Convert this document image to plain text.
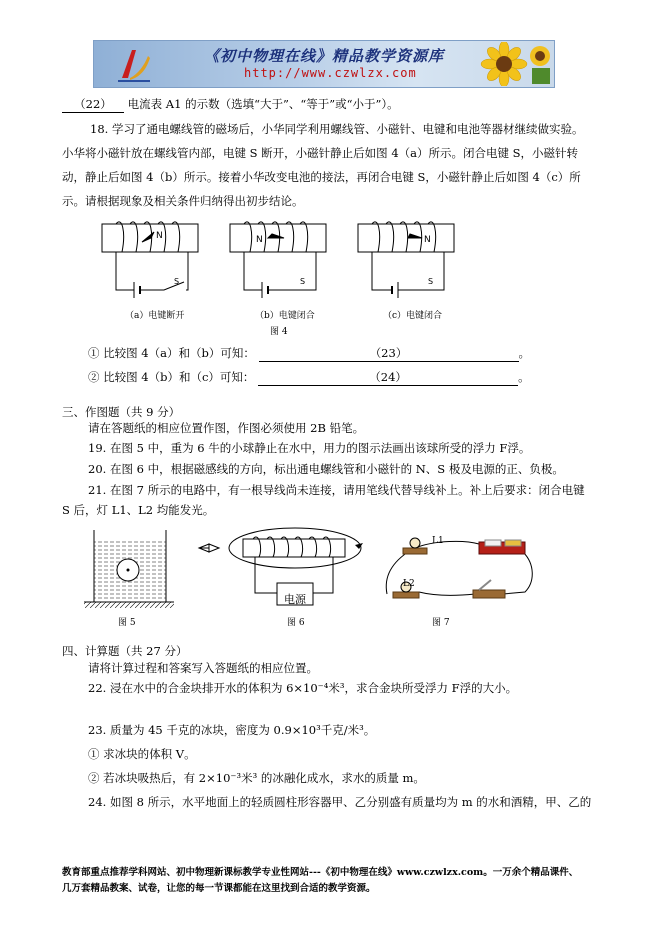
《初中物理在线》精品教学资源库
http://www.czwlzx.com
（22） 电流表 A1 的示数（选填“大于”、“等于”或“小于”）。
18. 学习了通电螺线管的磁场后，小华同学利用螺线管、小磁针、电键和电池等器材继续做实验。
小华将小磁针放在螺线管内部，电键 S 断开，小磁针静止后如图 4（a）所示。闭合电键 S，小磁针转
动，静止后如图 4（b）所示。接着小华改变电池的接法，再闭合电键 S，小磁针静止后如图 4（c）所
示。请根据现象及相关条件归纳得出初步结论。
N
S
N
S
N
S
（a）电键断开	（b）电键闭合	（c）电键闭合
图 4
① 比较图 4（a）和（b）可知：	（23）	。
② 比较图 4（b）和（c）可知：	（24）	。
三、作图题（共 9 分）
请在答题纸的相应位置作图，作图必须使用 2B 铅笔。
19. 在图 5 中，重为 6 牛的小球静止在水中，用力的图示法画出该球所受的浮力 F浮。
20. 在图 6 中，根据磁感线的方向，标出通电螺线管和小磁针的 N、S 极及电源的正、负极。
21. 在图 7 所示的电路中，有一根导线尚未连接，请用笔线代替导线补上。补上后要求：闭合电键
S 后，灯 L1、L2 均能发光。
图 5
电源
图 6
L1
L2
图 7
四、计算题（共 27 分）
请将计算过程和答案写入答题纸的相应位置。
22. 浸在水中的合金块排开水的体积为 6×10⁻⁴米³，求合金块所受浮力 F浮的大小。
23. 质量为 45 千克的冰块，密度为 0.9×10³千克/米³。
① 求冰块的体积 V。
② 若冰块吸热后，有 2×10⁻³米³ 的冰融化成水，求水的质量 m。
24. 如图 8 所示，水平地面上的轻质圆柱形容器甲、乙分别盛有质量均为 m 的水和酒精，甲、乙的
教育部重点推荐学科网站、初中物理新课标教学专业性网站---《初中物理在线》www.czwlzx.com。一万余个精品课件、
几万套精品教案、试卷，让您的每一节课都能在这里找到合适的教学资源。
